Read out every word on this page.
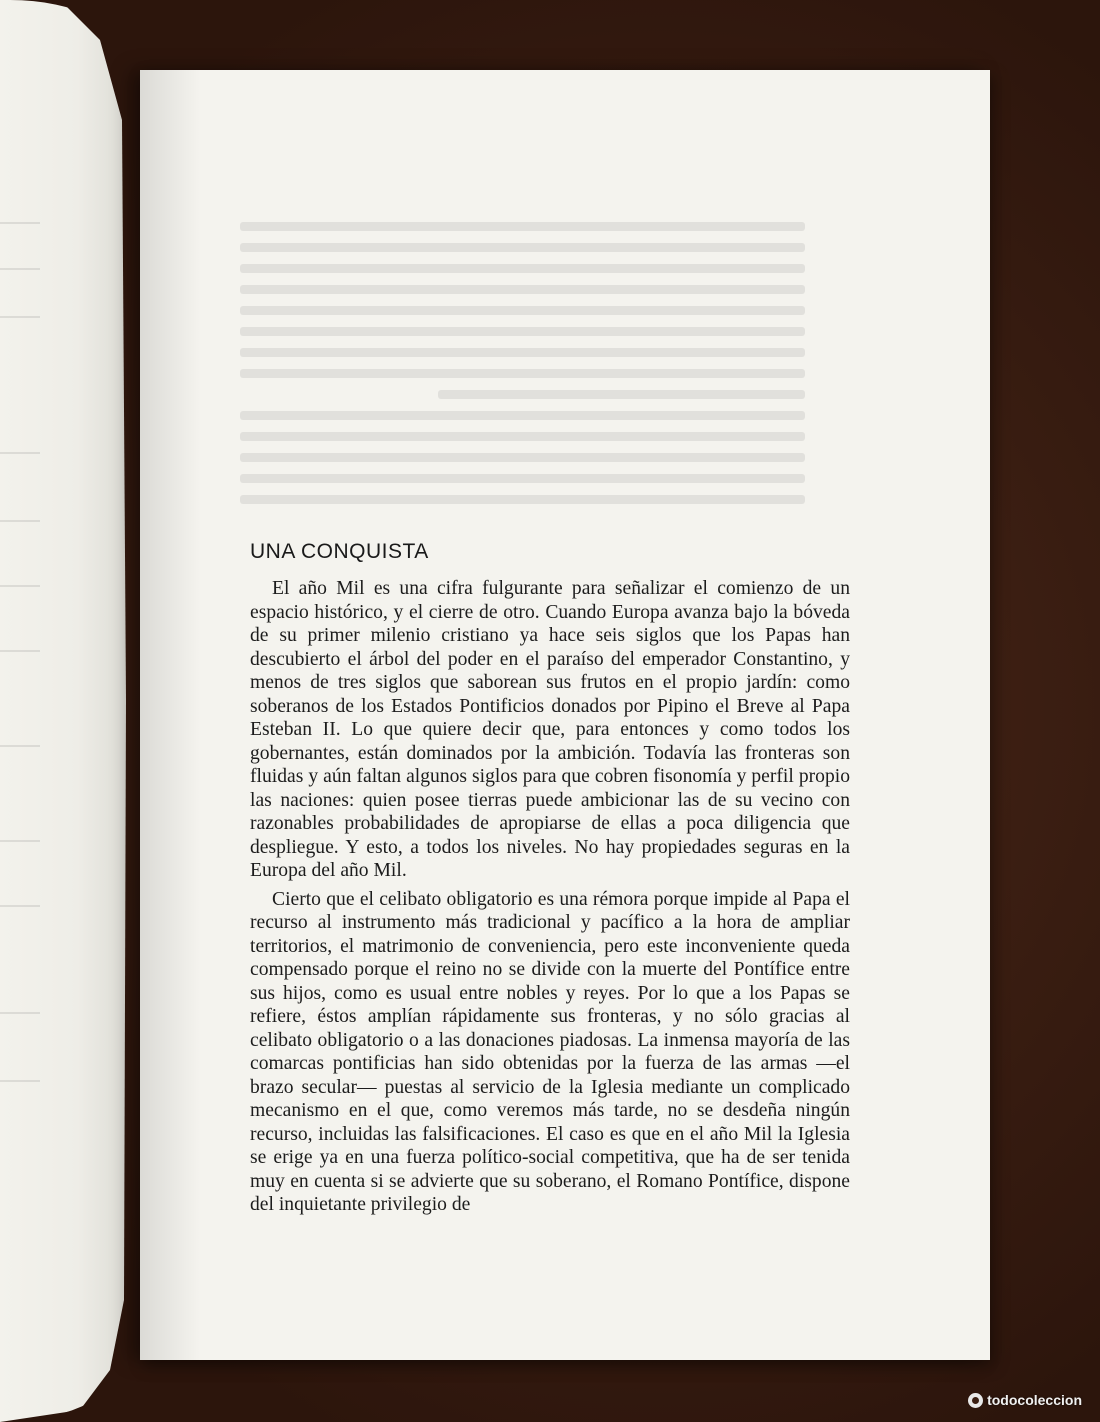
UNA CONQUISTA

El año Mil es una cifra fulgurante para señalizar el comienzo de un espacio histórico, y el cierre de otro. Cuando Europa avanza bajo la bóveda de su primer milenio cristiano ya hace seis siglos que los Papas han descubierto el árbol del poder en el paraíso del emperador Constantino, y menos de tres siglos que saborean sus frutos en el propio jardín: como soberanos de los Estados Pontificios donados por Pipino el Breve al Papa Esteban II. Lo que quiere decir que, para entonces y como todos los gobernantes, están dominados por la ambición. Todavía las fronteras son fluidas y aún faltan algunos siglos para que cobren fisonomía y perfil propio las naciones: quien posee tierras puede ambicionar las de su vecino con razonables probabilidades de apropiarse de ellas a poca diligencia que despliegue. Y esto, a todos los niveles. No hay propiedades seguras en la Europa del año Mil.

Cierto que el celibato obligatorio es una rémora porque impide al Papa el recurso al instrumento más tradicional y pacífico a la hora de ampliar territorios, el matrimonio de conveniencia, pero este inconveniente queda compensado porque el reino no se divide con la muerte del Pontífice entre sus hijos, como es usual entre nobles y reyes. Por lo que a los Papas se refiere, éstos amplían rápidamente sus fronteras, y no sólo gracias al celibato obligatorio o a las donaciones piadosas. La inmensa mayoría de las comarcas pontificias han sido obtenidas por la fuerza de las armas —el brazo secular— puestas al servicio de la Iglesia mediante un complicado mecanismo en el que, como veremos más tarde, no se desdeña ningún recurso, incluidas las falsificaciones. El caso es que en el año Mil la Iglesia se erige ya en una fuerza político-social competitiva, que ha de ser tenida muy en cuenta si se advierte que su soberano, el Romano Pontífice, dispone del inquietante privilegio de

todocoleccion
